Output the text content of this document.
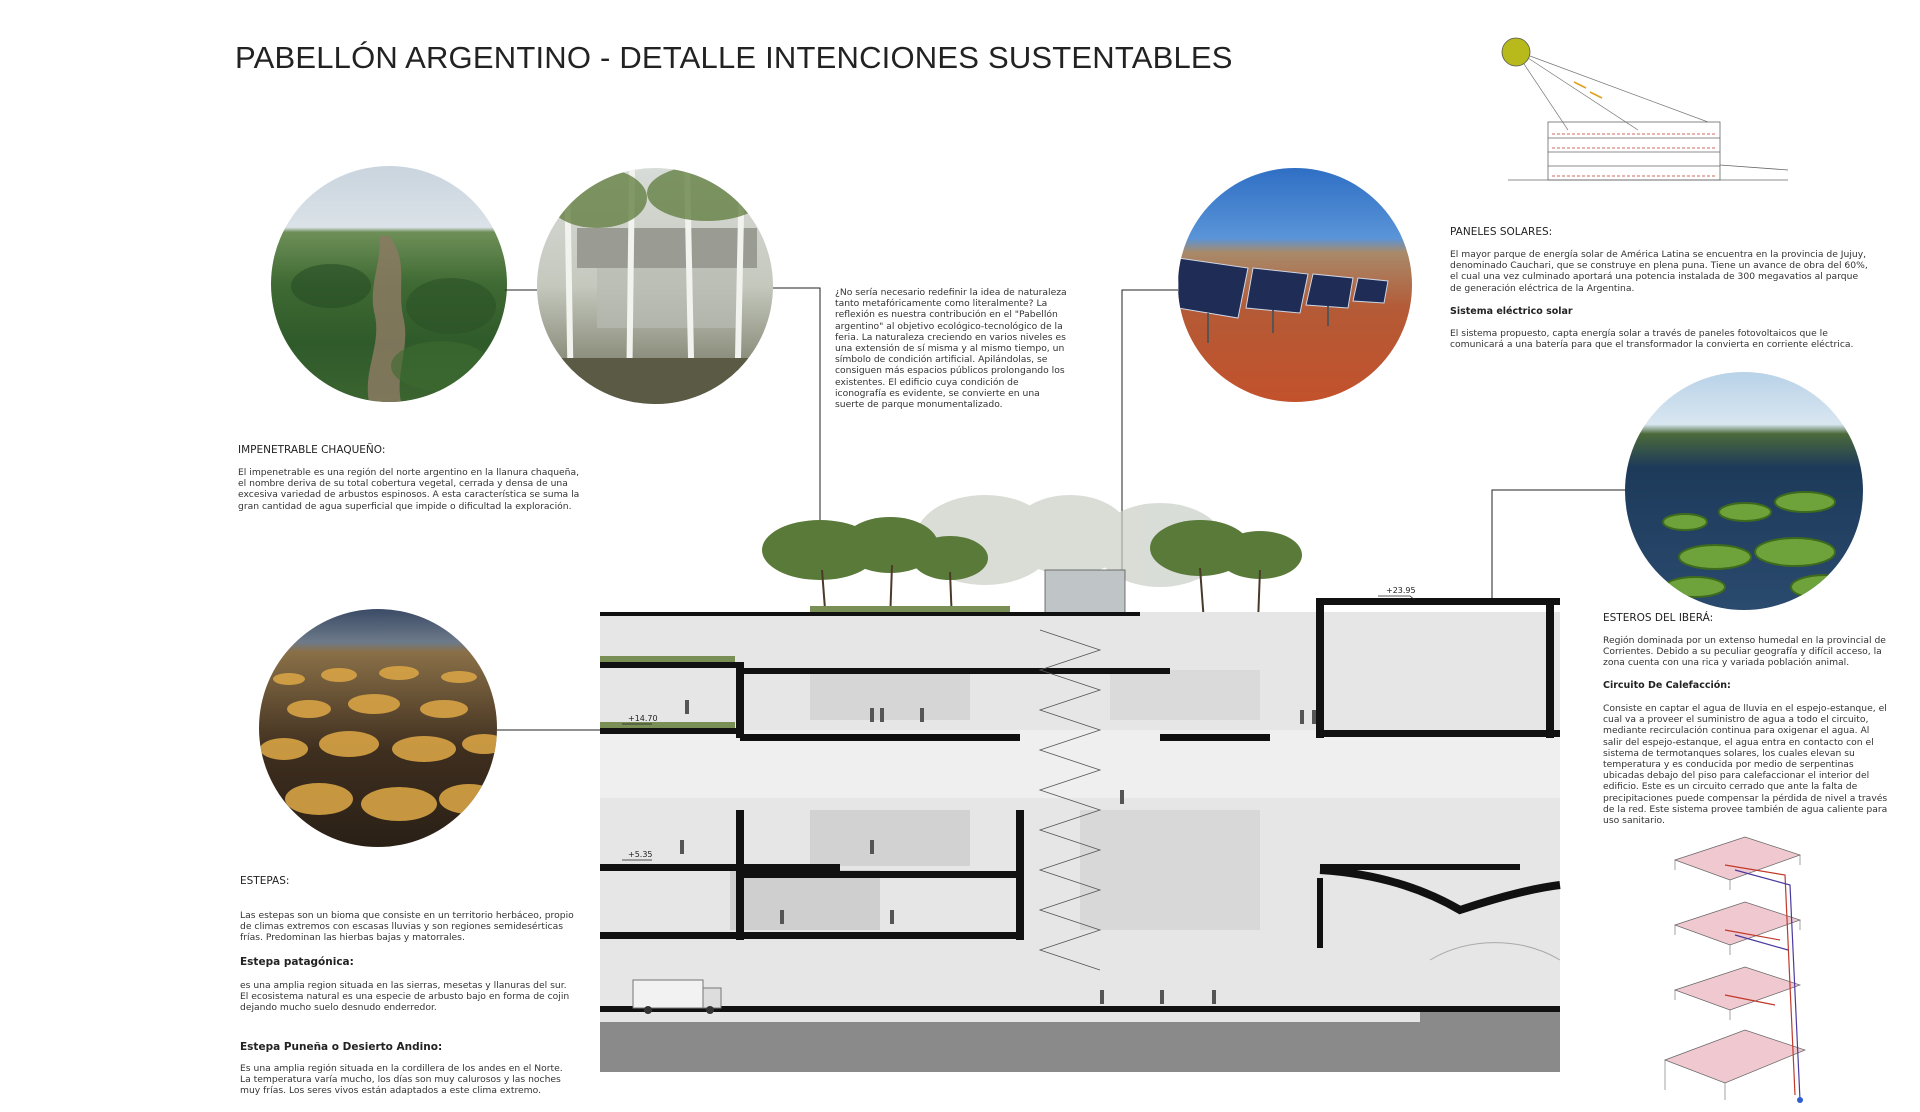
PABELLÓN ARGENTINO - DETALLE INTENCIONES SUSTENTABLES
¿No sería necesario redefinir la idea de naturaleza tanto metafóricamente como literalmente? La reflexión es nuestra contribución en el "Pabellón argentino" al objetivo ecológico-tecnológico de la feria. La naturaleza creciendo en varios niveles es una extensión de sí misma y al mismo tiempo, un símbolo de condición artificial. Apilándolas, se consiguen más espacios públicos prolongando los existentes. El edificio cuya condición de iconografía es evidente, se convierte en una suerte de parque monumentalizado.
IMPENETRABLE CHAQUEÑO:
El impenetrable es una región del norte argentino en la llanura chaqueña, el nombre deriva de su total cobertura vegetal, cerrada y densa de una excesiva variedad de arbustos espinosos. A esta característica se suma la gran cantidad de agua superficial que impide o dificultad la exploración.
ESTEPAS:
Las estepas son un bioma que consiste en un territorio herbáceo, propio de climas extremos con escasas lluvias y son regiones semidesérticas frías. Predominan las hierbas bajas y matorrales.
Estepa patagónica:
es una amplia region situada en las sierras, mesetas y llanuras del sur. El ecosistema natural es una especie de arbusto bajo en forma de cojin dejando mucho suelo desnudo enderredor.
Estepa Puneña o Desierto Andino:
Es una amplia región situada en la cordillera de los andes en el Norte. La temperatura varía mucho, los días son muy calurosos y las noches muy frías. Los seres vivos están adaptados a este clima extremo.
PANELES SOLARES:
El mayor parque de energía solar de América Latina se encuentra en la provincia de Jujuy, denominado Cauchari, que se construye en plena puna. Tiene un avance de obra del 60%, el cual una vez culminado aportará una potencia instalada de 300 megavatios al parque de generación eléctrica de la Argentina.
Sistema eléctrico solar
El sistema propuesto, capta energía solar a través de paneles fotovoltaicos que le comunicará a una batería para que el transformador la convierta en corriente eléctrica.
ESTEROS DEL IBERÁ:
Región dominada por un extenso humedal en la provincial de Corrientes. Debido a su peculiar geografía y difícil acceso, la zona cuenta con una rica y variada población animal.
Circuito De Calefacción:
Consiste en captar el agua de lluvia en el espejo-estanque, el cual va a proveer el suministro de agua a todo el circuito, mediante recirculación continua para oxigenar el agua. Al salir del espejo-estanque, el agua entra en contacto con el sistema de termotanques solares, los cuales elevan su temperatura y es conducida por medio de serpentinas ubicadas debajo del piso para calefaccionar el interior del edificio. Este es un circuito cerrado que ante la falta de precipitaciones puede compensar la pérdida de nivel a través de la red. Este sistema provee también de agua caliente para uso sanitario.
+23.95
+14.70
+5.35
